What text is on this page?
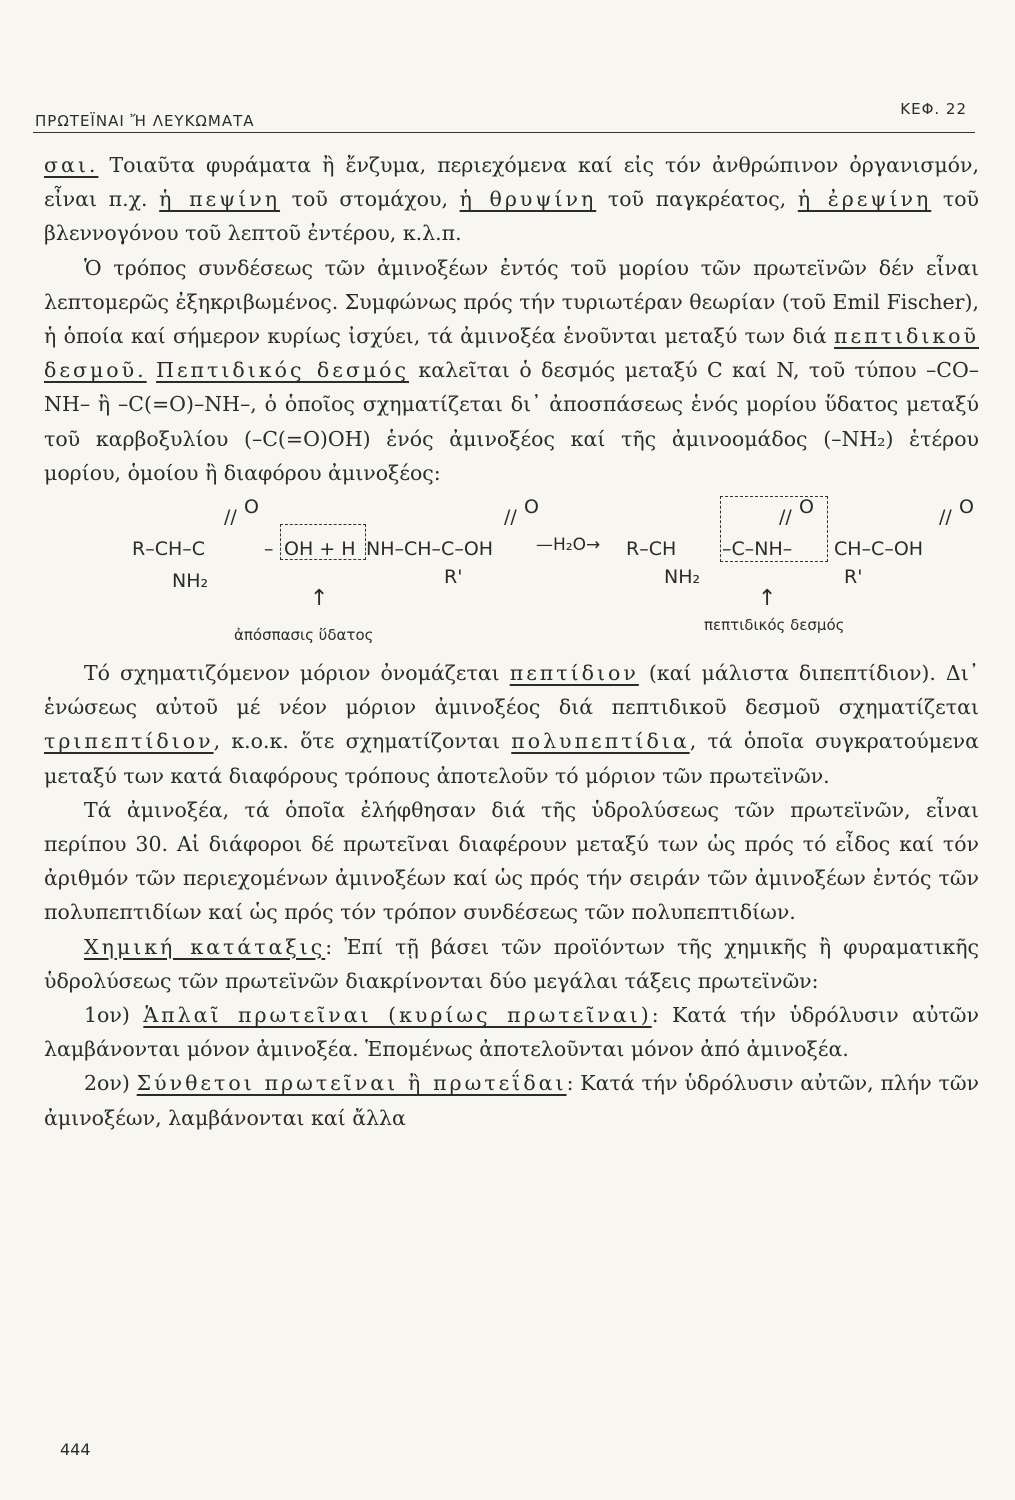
ΠΡΩΤΕΪΝΑΙ Ἤ ΛΕΥΚΩΜΑΤΑ
ΚΕΦ. 22

σαι. Τοιαῦτα φυράματα ἢ ἔνζυμα, περιεχόμενα καί εἰς τόν ἀνθρώπινον ὀργανισμόν, εἶναι π.χ. ἡ πεψίνη τοῦ στομάχου, ἡ θρυψίνη τοῦ παγκρέατος, ἡ ἐρεψίνη τοῦ βλεννογόνου τοῦ λεπτοῦ ἐντέρου, κ.λ.π.

Ὁ τρόπος συνδέσεως τῶν ἀμινοξέων ἐντός τοῦ μορίου τῶν πρωτεϊνῶν δέν εἶναι λεπτομερῶς ἐξηκριβωμένος. Συμφώνως πρός τήν τυριωτέραν θεωρίαν (τοῦ Emil Fischer), ἡ ὁποία καί σήμερον κυρίως ἰσχύει, τά ἀμινοξέα ἑνοῦνται μεταξύ των διά πεπτιδικοῦ δεσμοῦ. Πεπτιδικός δεσμός καλεῖται ὁ δεσμός μεταξύ C καί N, τοῦ τύπου –CO–NH– ἢ –C(=O)–NH–, ὁ ὁποῖος σχηματίζεται δι᾽ ἀποσπάσεως ἑνός μορίου ὕδατος μεταξύ τοῦ καρβοξυλίου (–C(=O)OH) ἑνός ἀμινοξέος καί τῆς ἀμινοομάδος (–NH₂) ἑτέρου μορίου, ὁμοίου ἢ διαφόρου ἀμινοξέος:

// O	// O	// O	// O
R–CH–C	– OH + H NH–CH–C–OH	—H₂O→ R–CH –C–NH– CH–C–OH
NH₂	R'	NH₂	R'
↑	↑
ἀπόσπασις ὕδατος
πεπτιδικός δεσμός

Τό σχηματιζόμενον μόριον ὀνομάζεται πεπτίδιον (καί μάλιστα διπεπτίδιον). Δι᾽ ἑνώσεως αὐτοῦ μέ νέον μόριον ἀμινοξέος διά πεπτιδικοῦ δεσμοῦ σχηματίζεται τριπεπτίδιον, κ.ο.κ. ὅτε σχηματίζονται πολυπεπτίδια, τά ὁποῖα συγκρατούμενα μεταξύ των κατά διαφόρους τρόπους ἀποτελοῦν τό μόριον τῶν πρωτεϊνῶν.

Τά ἀμινοξέα, τά ὁποῖα ἐλήφθησαν διά τῆς ὑδρολύσεως τῶν πρωτεϊνῶν, εἶναι περίπου 30. Αἱ διάφοροι δέ πρωτεῖναι διαφέρουν μεταξύ των ὡς πρός τό εἶδος καί τόν ἀριθμόν τῶν περιεχομένων ἀμινοξέων καί ὡς πρός τήν σειράν τῶν ἀμινοξέων ἐντός τῶν πολυπεπτιδίων καί ὡς πρός τόν τρόπον συνδέσεως τῶν πολυπεπτιδίων.

Χημική κατάταξις: Ἐπί τῇ βάσει τῶν προϊόντων τῆς χημικῆς ἢ φυραματικῆς ὑδρολύσεως τῶν πρωτεϊνῶν διακρίνονται δύο μεγάλαι τάξεις πρωτεϊνῶν:

1ον) Ἁπλαῖ πρωτεῖναι (κυρίως πρωτεῖναι): Κατά τήν ὑδρόλυσιν αὐτῶν λαμβάνονται μόνον ἀμινοξέα. Ἑπομένως ἀποτελοῦνται μόνον ἀπό ἀμινοξέα.

2ον) Σύνθετοι πρωτεῖναι ἢ πρωτεΐδαι: Κατά τήν ὑδρόλυσιν αὐτῶν, πλήν τῶν ἀμινοξέων, λαμβάνονται καί ἄλλα

444
